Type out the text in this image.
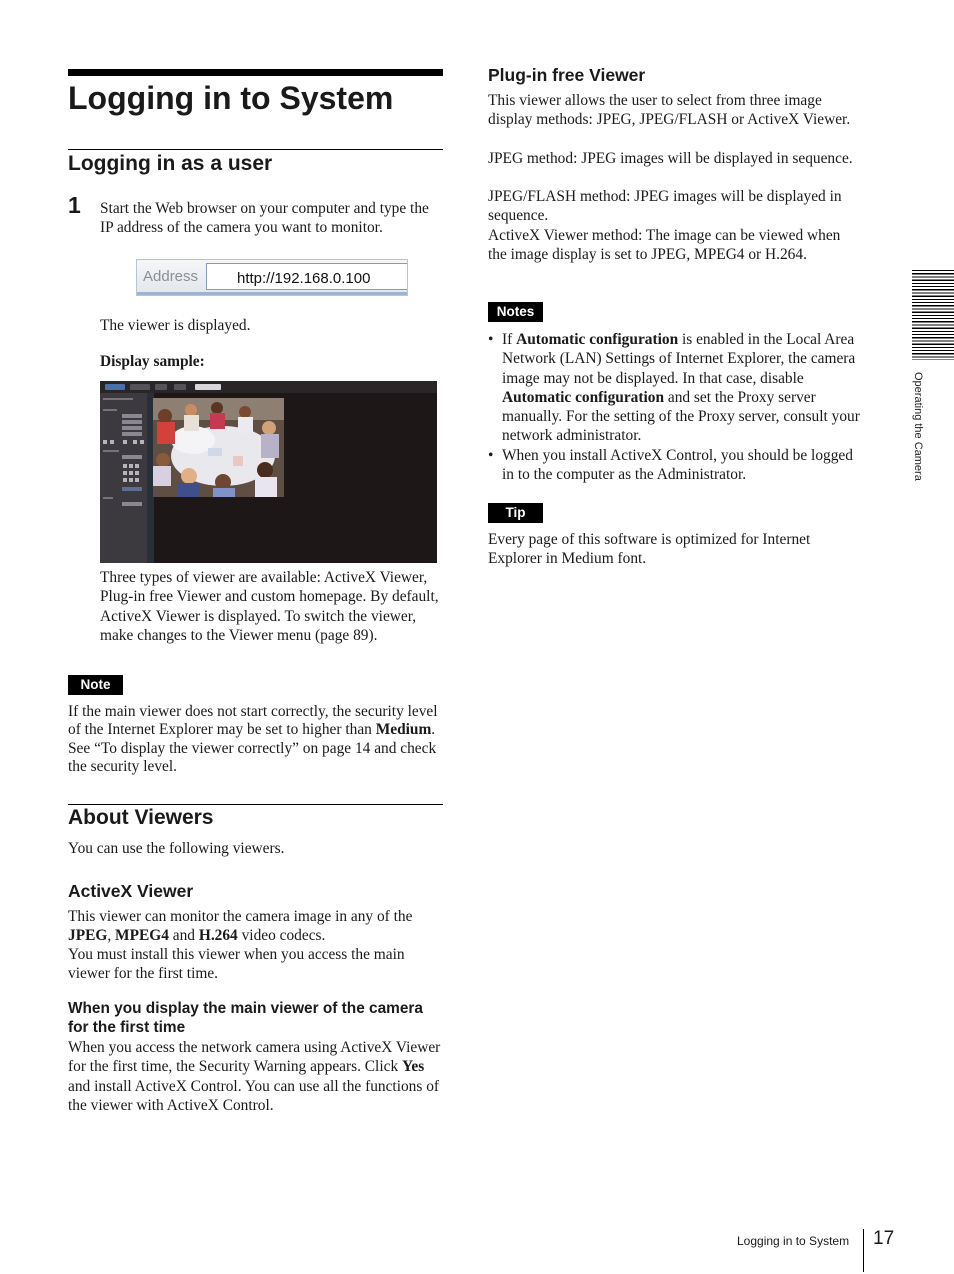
Logging in to System
Logging in as a user
1 Start the Web browser on your computer and type the IP address of the camera you want to monitor.

Address	http://192.168.0.100

The viewer is displayed.

Display sample:

Three types of viewer are available: ActiveX Viewer, Plug-in free Viewer and custom homepage. By default, ActiveX Viewer is displayed. To switch the viewer, make changes to the Viewer menu (page 89).

Note

If the main viewer does not start correctly, the security level of the Internet Explorer may be set to higher than Medium. See “To display the viewer correctly” on page 14 and check the security level.

About Viewers

You can use the following viewers.

ActiveX Viewer

This viewer can monitor the camera image in any of the JPEG, MPEG4 and H.264 video codecs.

You must install this viewer when you access the main viewer for the first time.

When you display the main viewer of the camera for the first time

When you access the network camera using ActiveX Viewer for the first time, the Security Warning appears. Click Yes and install ActiveX Control. You can use all the functions of the viewer with ActiveX Control.

Plug-in free Viewer

This viewer allows the user to select from three image display methods: JPEG, JPEG/FLASH or ActiveX Viewer.

JPEG method: JPEG images will be displayed in sequence.

JPEG/FLASH method: JPEG images will be displayed in sequence.

ActiveX Viewer method: The image can be viewed when the image display is set to JPEG, MPEG4 or H.264.

Notes
• If Automatic configuration is enabled in the Local Area Network (LAN) Settings of Internet Explorer, the camera image may not be displayed. In that case, disable Automatic configuration and set the Proxy server manually. For the setting of the Proxy server, consult your network administrator.
• When you install ActiveX Control, you should be logged in to the computer as the Administrator.
Tip

Every page of this software is optimized for Internet Explorer in Medium font.

Operating the Camera
Logging in to System 17
